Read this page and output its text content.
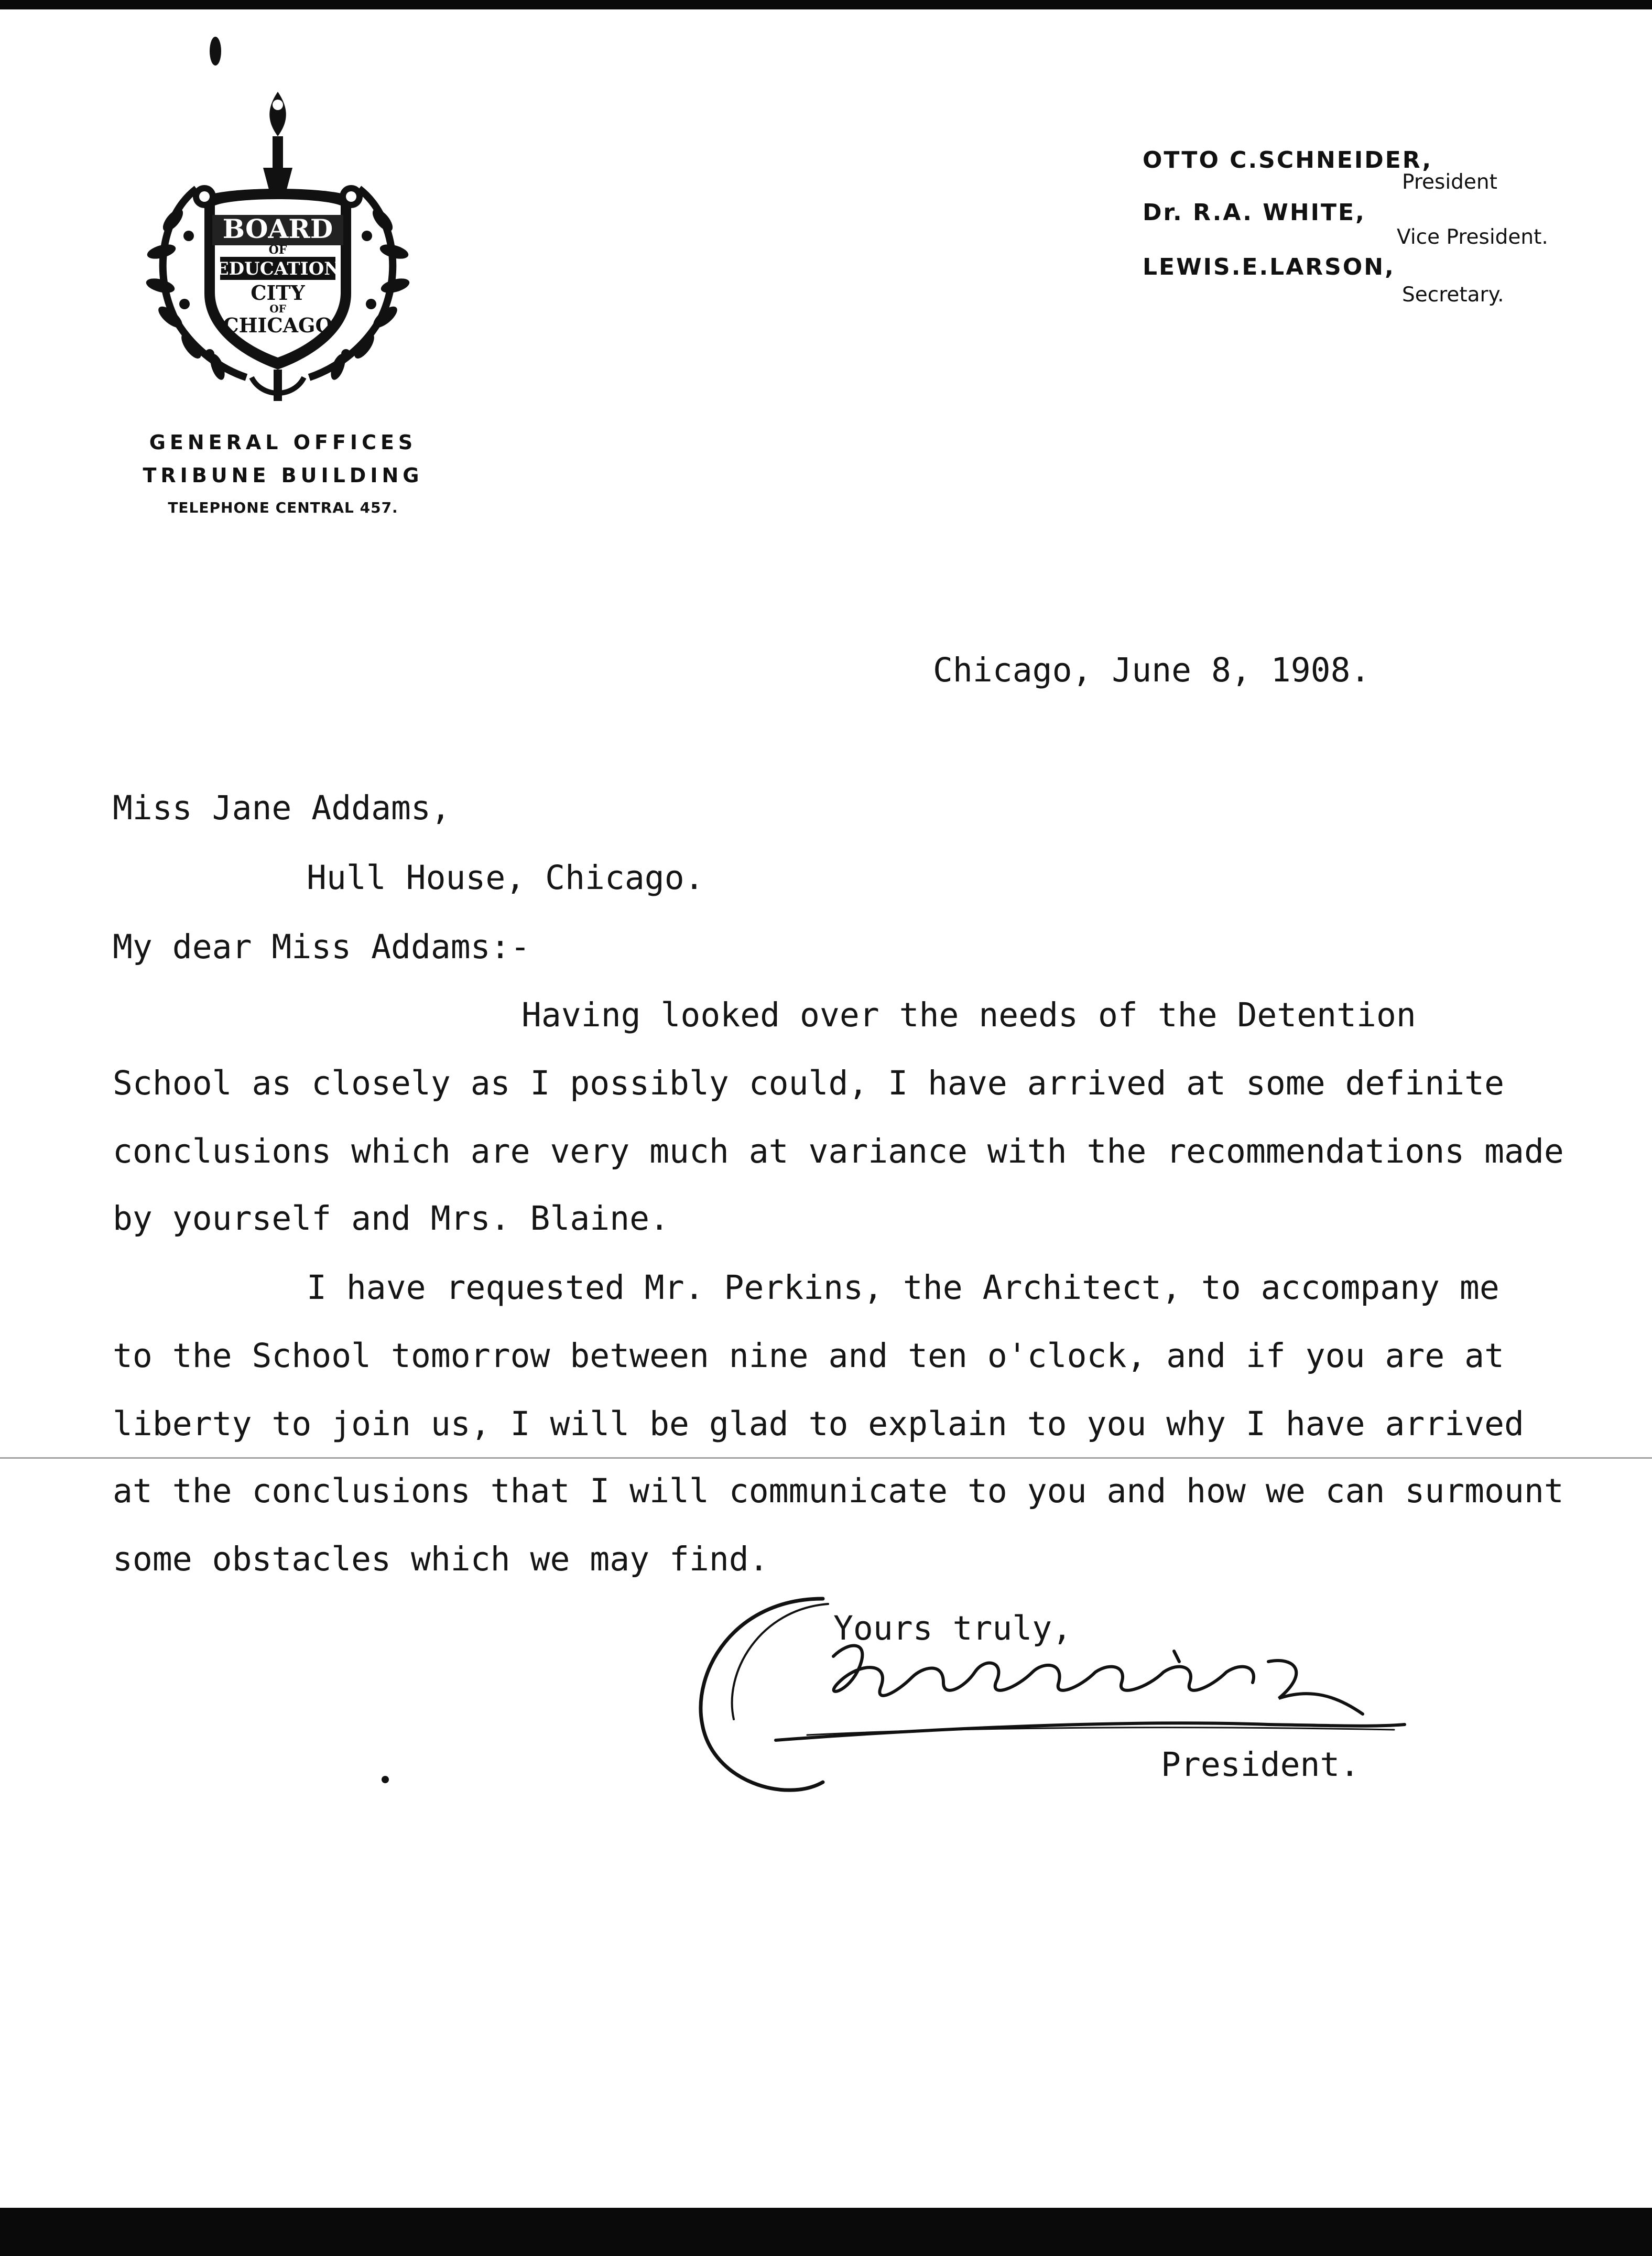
BOARD
OF
EDUCATION
CITY
OF
CHICAGO
GENERAL OFFICES
TRIBUNE BUILDING
TELEPHONE CENTRAL 457.
OTTO C.SCHNEIDER,
President
Dr. R.A. WHITE,
Vice President.
LEWIS.E.LARSON,
Secretary.
Chicago, June 8, 1908.
Miss Jane Addams,
Hull House, Chicago.
My dear Miss Addams:-
Having looked over the needs of the Detention
School as closely as I possibly could, I have arrived at some definite
conclusions which are very much at variance with the recommendations made
by yourself and Mrs. Blaine.
I have requested Mr. Perkins, the Architect, to accompany me
to the School tomorrow between nine and ten o'clock, and if you are at
liberty to join us, I will be glad to explain to you why I have arrived
at the conclusions that I will communicate to you and how we can surmount
some obstacles which we may find.
Yours truly,
President.
